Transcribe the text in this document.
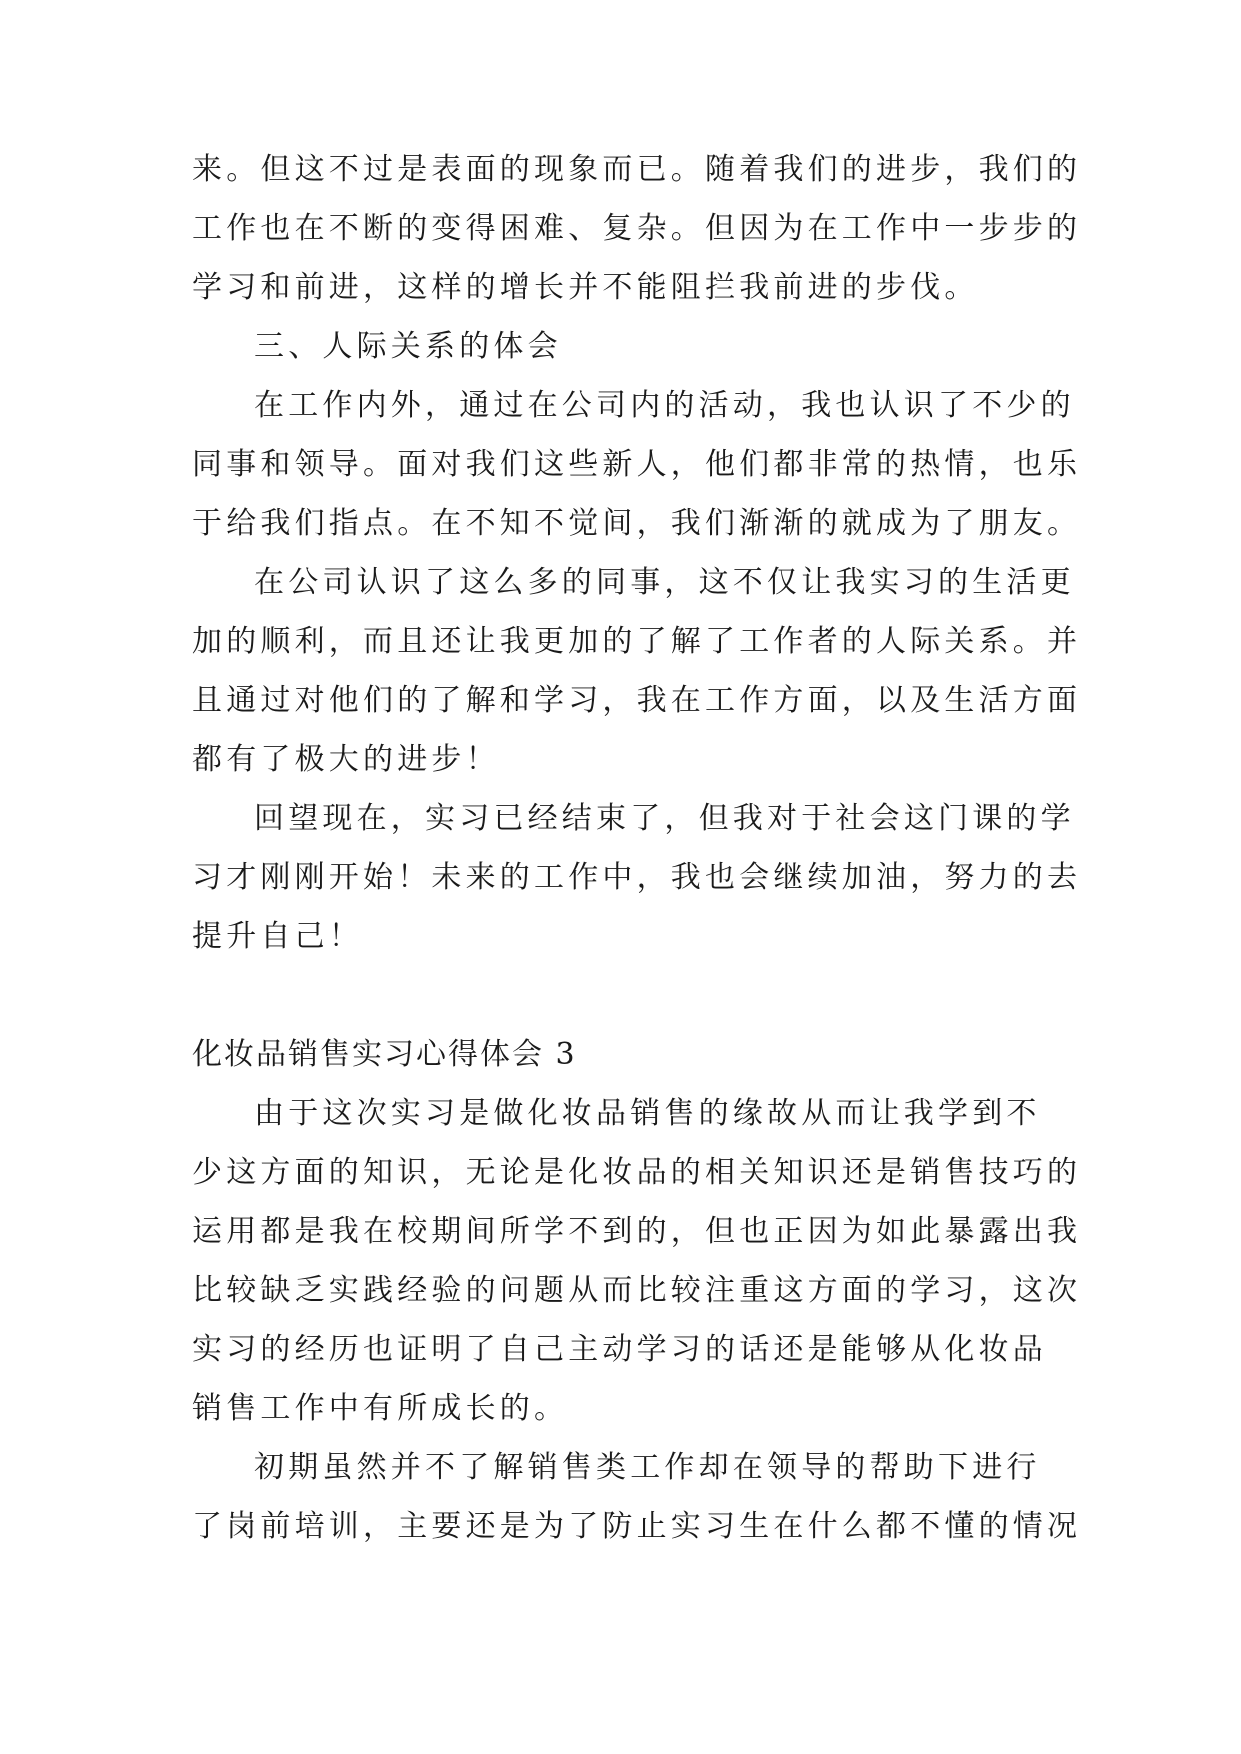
来。但这不过是表面的现象而已。随着我们的进步，我们的
工作也在不断的变得困难、复杂。但因为在工作中一步步的
学习和前进，这样的增长并不能阻拦我前进的步伐。
三、人际关系的体会
在工作内外，通过在公司内的活动，我也认识了不少的
同事和领导。面对我们这些新人，他们都非常的热情，也乐
于给我们指点。在不知不觉间，我们渐渐的就成为了朋友。
在公司认识了这么多的同事，这不仅让我实习的生活更
加的顺利，而且还让我更加的了解了工作者的人际关系。并
且通过对他们的了解和学习，我在工作方面，以及生活方面
都有了极大的进步！
回望现在，实习已经结束了，但我对于社会这门课的学
习才刚刚开始！未来的工作中，我也会继续加油，努力的去
提升自己！
化妆品销售实习心得体会 3
由于这次实习是做化妆品销售的缘故从而让我学到不
少这方面的知识，无论是化妆品的相关知识还是销售技巧的
运用都是我在校期间所学不到的，但也正因为如此暴露出我
比较缺乏实践经验的问题从而比较注重这方面的学习，这次
实习的经历也证明了自己主动学习的话还是能够从化妆品
销售工作中有所成长的。
初期虽然并不了解销售类工作却在领导的帮助下进行
了岗前培训，主要还是为了防止实习生在什么都不懂的情况
